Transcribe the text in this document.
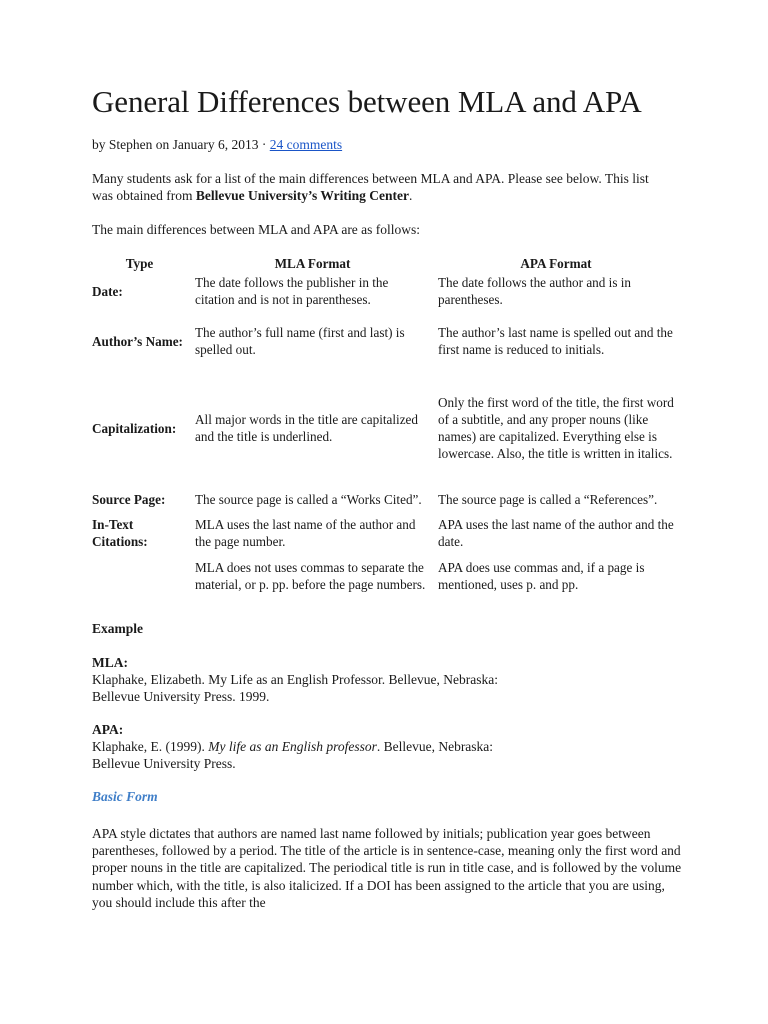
General Differences between MLA and APA
by Stephen on January 6, 2013 · 24 comments

Many students ask for a list of the main differences between MLA and APA. Please see below. This list was obtained from Bellevue University’s Writing Center.

The main differences between MLA and APA are as follows:

Type	MLA Format	APA Format
Date:	The date follows the publisher in the citation and is not in parentheses.	The date follows the author and is in parentheses.
Author’s Name:	The author’s full name (first and last) is spelled out.	The author’s last name is spelled out and the first name is reduced to initials.
Capitalization:	All major words in the title are capitalized and the title is underlined.	Only the first word of the title, the first word of a subtitle, and any proper nouns (like names) are capitalized. Everything else is lowercase. Also, the title is written in italics.
Source Page:	The source page is called a “Works Cited”.	The source page is called a “References”.
In-Text Citations:	MLA uses the last name of the author and the page number.	APA uses the last name of the author and the date.
	MLA does not uses commas to separate the material, or p. pp. before the page numbers.	APA does use commas and, if a page is mentioned, uses p. and pp.
Example
MLA:
Klaphake, Elizabeth. My Life as an English Professor. Bellevue, Nebraska: Bellevue University Press. 1999.
APA:
Klaphake, E. (1999). My life as an English professor. Bellevue, Nebraska: Bellevue University Press.
Basic Form

APA style dictates that authors are named last name followed by initials; publication year goes between parentheses, followed by a period. The title of the article is in sentence-case, meaning only the first word and proper nouns in the title are capitalized. The periodical title is run in title case, and is followed by the volume number which, with the title, is also italicized. If a DOI has been assigned to the article that you are using, you should include this after the
